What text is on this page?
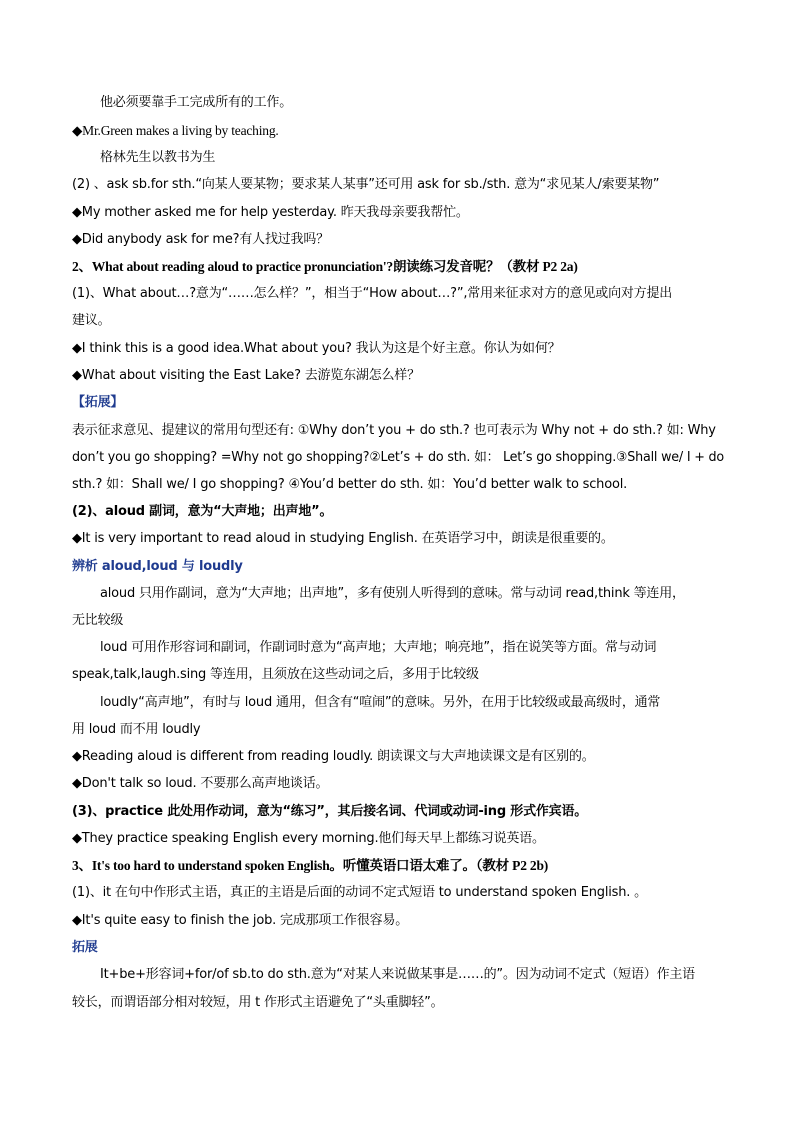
他必须要靠手工完成所有的工作。
◆Mr.Green makes a living by teaching.
格林先生以教书为生
(2) 、ask sb.for sth.“向某人要某物；要求某人某事”还可用 ask for sb./sth. 意为“求见某人/索要某物”
◆My mother asked me for help yesterday. 昨天我母亲要我帮忙。
◆Did anybody ask for me?有人找过我吗？
2、What about reading aloud to practice pronunciation'?朗读练习发音呢？（教材 P2 2a)
(1)、What about…?意为“……怎么样？”，相当于“How about…?”,常用来征求对方的意见或向对方提出
建议。
◆I think this is a good idea.What about you? 我认为这是个好主意。你认为如何？
◆What about visiting the East Lake? 去游览东湖怎么样？
【拓展】
表示征求意见、提建议的常用句型还有: ①Why don’t you + do sth.? 也可表示为 Why not + do sth.? 如: Why
don’t you go shopping? =Why not go shopping?②Let’s + do sth. 如： Let’s go shopping.③Shall we/ I + do
sth.? 如：Shall we/ I go shopping? ④You’d better do sth. 如：You’d better walk to school.
(2)、aloud 副词，意为“大声地；出声地”。
◆It is very important to read aloud in studying English. 在英语学习中，朗读是很重要的。
辨析 aloud,loud 与 loudly
aloud 只用作副词，意为“大声地；出声地”，多有使别人听得到的意味。常与动词 read,think 等连用，
无比较级
loud 可用作形容词和副词，作副词时意为“高声地；大声地；响亮地”，指在说笑等方面。常与动词
speak,talk,laugh.sing 等连用，且须放在这些动词之后，多用于比较级
loudly“高声地”，有时与 loud 通用，但含有“喧闹”的意味。另外，在用于比较级或最高级时，通常
用 loud 而不用 loudly
◆Reading aloud is different from reading loudly. 朗读课文与大声地读课文是有区别的。
◆Don't talk so loud. 不要那么高声地谈话。
(3)、practice 此处用作动词，意为“练习”，其后接名词、代词或动词-ing 形式作宾语。
◆They practice speaking English every morning.他们每天早上都练习说英语。
3、It's too hard to understand spoken English。听懂英语口语太难了。（教材 P2 2b)
(1)、it 在句中作形式主语，真正的主语是后面的动词不定式短语 to understand spoken English. 。
◆It's quite easy to finish the job. 完成那项工作很容易。
拓展
It+be+形容词+for/of sb.to do sth.意为“对某人来说做某事是……的”。因为动词不定式（短语）作主语
较长，而谓语部分相对较短，用 t 作形式主语避免了“头重脚轻”。
